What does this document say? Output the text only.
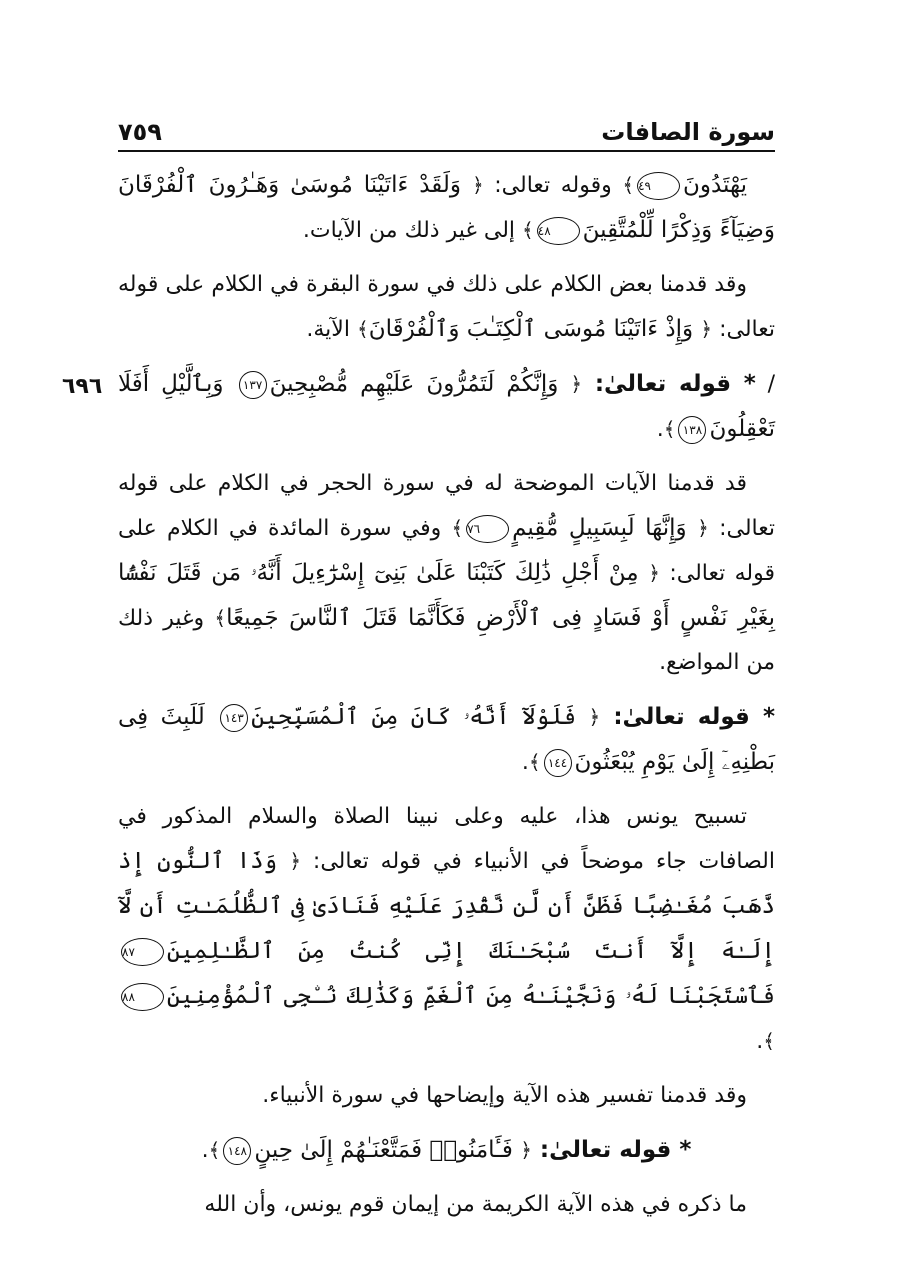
٧٥٩	سورة الصافات
٦٩٦

يَهْتَدُونَ٤٩﴾ وقوله تعالى: ﴿ وَلَقَدْ ءَاتَيْنَا مُوسَىٰ وَهَـٰرُونَ ٱلْفُرْقَانَ وَضِيَآءً وَذِكْرًا لِّلْمُتَّقِينَ٤٨﴾ إلى غير ذلك من الآيات.

وقد قدمنا بعض الكلام على ذلك في سورة البقرة في الكلام على قوله تعالى: ﴿ وَإِذْ ءَاتَيْنَا مُوسَى ٱلْكِتَـٰبَ وَٱلْفُرْقَانَ﴾ الآية.

/ * قوله تعالىٰ: ﴿ وَإِنَّكُمْ لَتَمُرُّونَ عَلَيْهِم مُّصْبِحِينَ١٣٧ وَبِٱلَّيْلِ أَفَلَا تَعْقِلُونَ١٣٨﴾.

قد قدمنا الآيات الموضحة له في سورة الحجر في الكلام على قوله تعالى: ﴿ وَإِنَّهَا لَبِسَبِيلٍ مُّقِيمٍ٧٦﴾ وفي سورة المائدة في الكلام على قوله تعالى: ﴿ مِنْ أَجْلِ ذَٰلِكَ كَتَبْنَا عَلَىٰ بَنِىٓ إِسْرَٰٓءِيلَ أَنَّهُۥ مَن قَتَلَ نَفْسًۢا بِغَيْرِ نَفْسٍ أَوْ فَسَادٍ فِى ٱلْأَرْضِ فَكَأَنَّمَا قَتَلَ ٱلنَّاسَ جَمِيعًا﴾ وغير ذلك من المواضع.

* قوله تعالىٰ: ﴿ فَلَوْلَآ أَنَّهُۥ كَانَ مِنَ ٱلْمُسَبِّحِينَ١٤٣ لَلَبِثَ فِى بَطْنِهِۦٓ إِلَىٰ يَوْمِ يُبْعَثُونَ١٤٤﴾.

تسبيح يونس هذا، عليه وعلى نبينا الصلاة والسلام المذكور في الصافات جاء موضحاً في الأنبياء في قوله تعالى: ﴿ وَذَا ٱلنُّونِ إِذ ذَّهَبَ مُغَـٰضِبًا فَظَنَّ أَن لَّن نَّقْدِرَ عَلَيْهِ فَنَادَىٰ فِى ٱلظُّلُمَـٰتِ أَن لَّآ إِلَـٰهَ إِلَّآ أَنتَ سُبْحَـٰنَكَ إِنِّى كُنتُ مِنَ ٱلظَّـٰلِمِينَ٨٧ فَٱسْتَجَبْنَا لَهُۥ وَنَجَّيْنَـٰهُ مِنَ ٱلْغَمِّ وَكَذَٰلِكَ نُـۨجِى ٱلْمُؤْمِنِينَ٨٨﴾.

وقد قدمنا تفسير هذه الآية وإيضاحها في سورة الأنبياء.

* قوله تعالىٰ: ﴿ فَـَٔامَنُوا۟ فَمَتَّعْنَـٰهُمْ إِلَىٰ حِينٍ١٤٨﴾.

ما ذكره في هذه الآية الكريمة من إيمان قوم يونس، وأن الله
